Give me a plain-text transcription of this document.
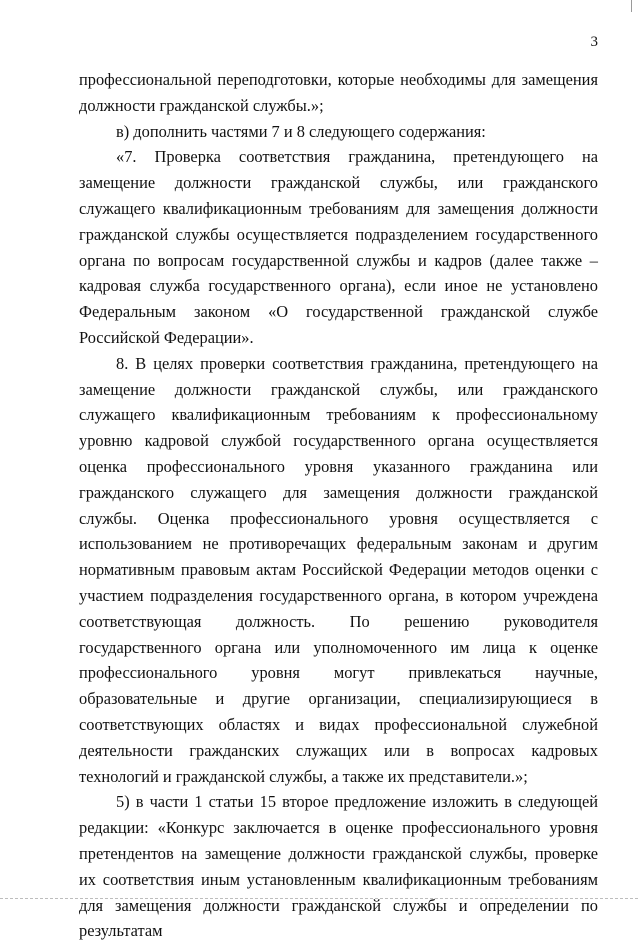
3

профессиональной переподготовки, которые необходимы для замещения должности гражданской службы.»;

в) дополнить частями 7 и 8 следующего содержания:

«7. Проверка соответствия гражданина, претендующего на замещение должности гражданской службы, или гражданского служащего квалификационным требованиям для замещения должности гражданской службы осуществляется подразделением государственного органа по вопросам государственной службы и кадров (далее также – кадровая служба государственного органа), если иное не установлено Федеральным законом «О государственной гражданской службе Российской Федерации».

8. В целях проверки соответствия гражданина, претендующего на замещение должности гражданской службы, или гражданского служащего квалификационным требованиям к профессиональному уровню кадровой службой государственного органа осуществляется оценка профессионального уровня указанного гражданина или гражданского служащего для замещения должности гражданской службы. Оценка профессионального уровня осуществляется с использованием не противоречащих федеральным законам и другим нормативным правовым актам Российской Федерации методов оценки с участием подразделения государственного органа, в котором учреждена соответствующая должность. По решению руководителя государственного органа или уполномоченного им лица к оценке профессионального уровня могут привлекаться научные, образовательные и другие организации, специализирующиеся в соответствующих областях и видах профессиональной служебной деятельности гражданских служащих или в вопросах кадровых технологий и гражданской службы, а также их представители.»;

5) в части 1 статьи 15 второе предложение изложить в следующей редакции: «Конкурс заключается в оценке профессионального уровня претендентов на замещение должности гражданской службы, проверке их соответствия иным установленным квалификационным требованиям для замещения должности гражданской службы и определении по результатам
